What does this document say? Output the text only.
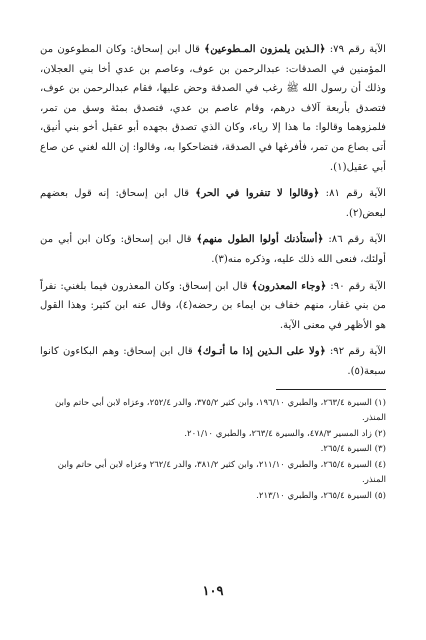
الآية رقم ٧٩: ﴿الـذين يلمزون المـطوعين﴾ قال ابن إسحاق: وكان المطوعون من المؤمنين في الصدقات: عبدالرحمن بن عوف، وعاصم بن عدي أخا بني العجلان، وذلك أن رسول الله ﷺ رغب في الصدقة وحض عليها، فقام عبدالرحمن بن عوف، فتصدق بأربعة آلاف درهم، وقام عاصم بن عدي، فتصدق بمئة وسق من تمر، فلمزوهما وقالوا: ما هذا إلا رياء، وكان الذي تصدق بجهده أبو عقيل أخو بني أنيق، أتى بصاع من تمر، فأفرغها في الصدقة، فتضاحكوا به، وقالوا: إن الله لغني عن صاع أبي عقيل(١).

الآية رقم ٨١: ﴿وقالوا لا تنفروا في الحر﴾ قال ابن إسحاق: إنه قول بعضهم لبعض(٢).

الآية رقم ٨٦: ﴿أستأذنك أولوا الطول منهم﴾ قال ابن إسحاق: وكان ابن أبي من أولئك، فنعى الله ذلك عليه، وذكره منه(٣).

الآية رقم ٩٠: ﴿وجاء المعذرون﴾ قال ابن إسحاق: وكان المعذرون فيما بلغني: نفراً من بني غفار، منهم خفاف بن ايماء بن رحضه(٤)، وقال عنه ابن كثير: وهذا القول هو الأظهر في معنى الآية.

الآية رقم ٩٢: ﴿ولا على الـذين إذا ما أتـوك﴾ قال ابن إسحاق: وهم البكاءون كانوا سبعة(٥).

(١) السيرة ٢٦٣/٤، والطبري ١٩٦/١٠، وابن كثير ٣٧٥/٢، والدر ٢٥٢/٤، وعزاه لابن أبي حاتم وابن المنذر.

(٢) زاد المسير ٤٧٨/٣، والسيرة ٢٦٣/٤، والطبري ٢٠١/١٠.

(٣) السيرة ٢٦٥/٤.

(٤) السيرة ٢٦٥/٤، والطبري ٢١١/١٠، وابن كثير ٣٨١/٢، والدر ٢٦٢/٤ وعزاه لابن أبي حاتم وابن المنذر.

(٥) السيرة ٢٦٥/٤، والطبري ٢١٣/١٠.

١٠٩
